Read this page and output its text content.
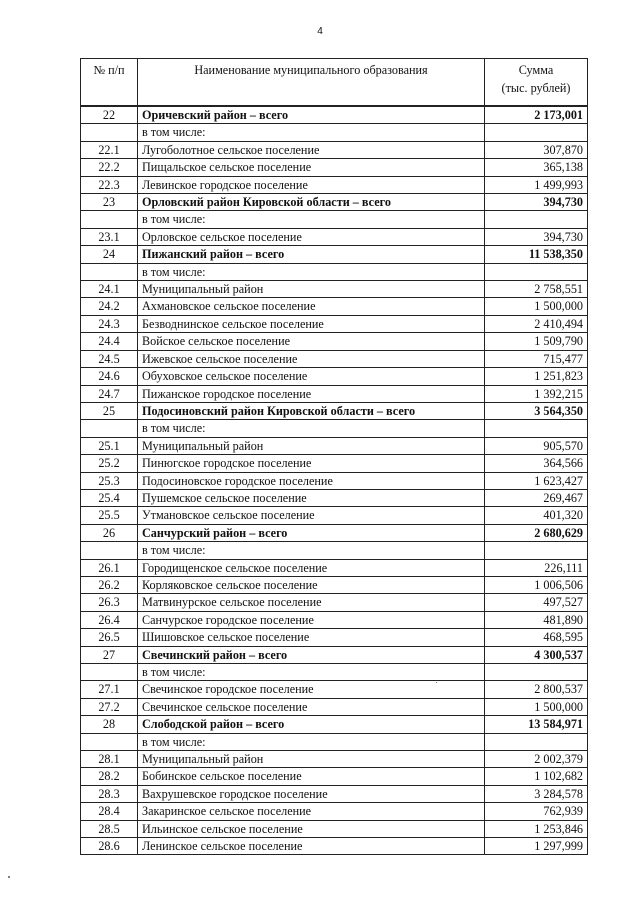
4
№ п/п	Наименование муниципального образования	Сумма
(тыс. рублей)
22	Оричевский район – всего	2 173,001
	в том числе:	
22.1	Лугоболотное сельское поселение	307,870
22.2	Пищальское сельское поселение	365,138
22.3	Левинское городское поселение	1 499,993
23	Орловский район Кировской области – всего	394,730
	в том числе:	
23.1	Орловское сельское поселение	394,730
24	Пижанский район – всего	11 538,350
	в том числе:	
24.1	Муниципальный район	2 758,551
24.2	Ахмановское сельское поселение	1 500,000
24.3	Безводнинское сельское поселение	2 410,494
24.4	Войское сельское поселение	1 509,790
24.5	Ижевское сельское поселение	715,477
24.6	Обуховское сельское поселение	1 251,823
24.7	Пижанское городское поселение	1 392,215
25	Подосиновский район Кировской области – всего	3 564,350
	в том числе:	
25.1	Муниципальный район	905,570
25.2	Пинюгское городское поселение	364,566
25.3	Подосиновское городское поселение	1 623,427
25.4	Пушемское сельское поселение	269,467
25.5	Утмановское сельское поселение	401,320
26	Санчурский район – всего	2 680,629
	в том числе:	
26.1	Городищенское сельское поселение	226,111
26.2	Корляковское сельское поселение	1 006,506
26.3	Матвинурское сельское поселение	497,527
26.4	Санчурское городское поселение	481,890
26.5	Шишовское сельское поселение	468,595
27	Свечинский район – всего	4 300,537
	в том числе:	
27.1	Свечинское городское поселение	2 800,537
27.2	Свечинское сельское поселение	1 500,000
28	Слободской район – всего	13 584,971
	в том числе:	
28.1	Муниципальный район	2 002,379
28.2	Бобинское сельское поселение	1 102,682
28.3	Вахрушевское городское поселение	3 284,578
28.4	Закаринское сельское поселение	762,939
28.5	Ильинское сельское поселение	1 253,846
28.6	Ленинское сельское поселение	1 297,999
